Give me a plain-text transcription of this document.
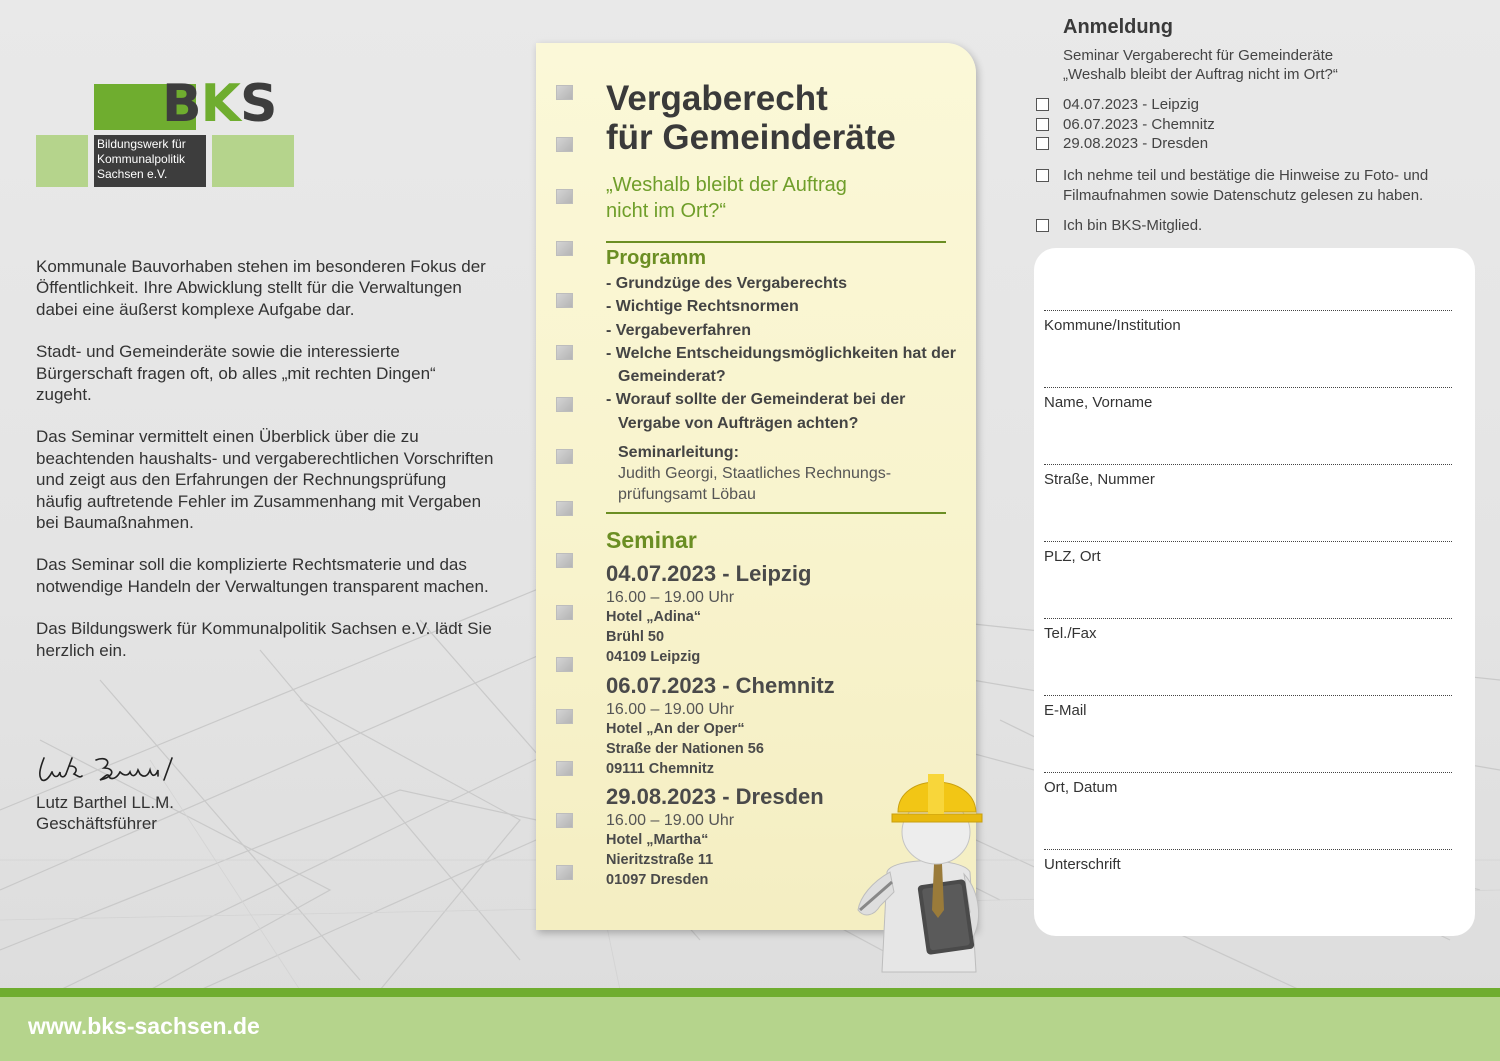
BKS
Bildungswerk für
Kommunalpolitik
Sachsen e.V.

Kommunale Bauvorhaben stehen im besonderen Fokus der Öffentlichkeit. Ihre Abwicklung stellt für die Verwaltungen dabei eine äußerst komplexe Aufgabe dar.

Stadt- und Gemeinderäte sowie die interessierte Bürgerschaft fragen oft, ob alles „mit rechten Dingen“ zugeht.

Das Seminar vermittelt einen Überblick über die zu beachtenden haushalts- und vergaberechtlichen Vorschriften und zeigt aus den Erfahrungen der Rechnungsprüfung häufig auftretende Fehler im Zusammenhang mit Vergaben bei Baumaßnahmen.

Das Seminar soll die komplizierte Rechtsmaterie und das notwendige Handeln der Verwaltungen transparent machen.

Das Bildungswerk für Kommunalpolitik Sachsen e.V. lädt Sie herzlich ein.

Lutz Barthel LL.M.
Geschäftsführer
Vergaberecht
für Gemeinderäte
„Weshalb bleibt der Auftrag
nicht im Ort?“
Programm
- Grundzüge des Vergaberechts
- Wichtige Rechtsnormen
- Vergabeverfahren
- Welche Entscheidungsmöglichkeiten hat der Gemeinderat?
- Worauf sollte der Gemeinderat bei der Vergabe von Aufträgen achten?
Seminarleitung:
Judith Georgi, Staatliches Rechnungs-
prüfungsamt Löbau
Seminar
04.07.2023 - Leipzig
16.00 – 19.00 Uhr
Hotel „Adina“
Brühl 50
04109 Leipzig
06.07.2023 - Chemnitz
16.00 – 19.00 Uhr
Hotel „An der Oper“
Straße der Nationen 56
09111 Chemnitz
29.08.2023 - Dresden
16.00 – 19.00 Uhr
Hotel „Martha“
Nieritzstraße 11
01097 Dresden
Anmeldung
Seminar Vergaberecht für Gemeinderäte
„Weshalb bleibt der Auftrag nicht im Ort?“
04.07.2023 - Leipzig
06.07.2023 - Chemnitz
29.08.2023 - Dresden
Ich nehme teil und bestätige die Hinweise zu Foto- und Filmaufnahmen sowie Datenschutz gelesen zu haben.
Ich bin BKS-Mitglied.
Kommune/Institution
Name, Vorname
Straße, Nummer
PLZ, Ort
Tel./Fax
E-Mail
Ort, Datum
Unterschrift
www.bks-sachsen.de
